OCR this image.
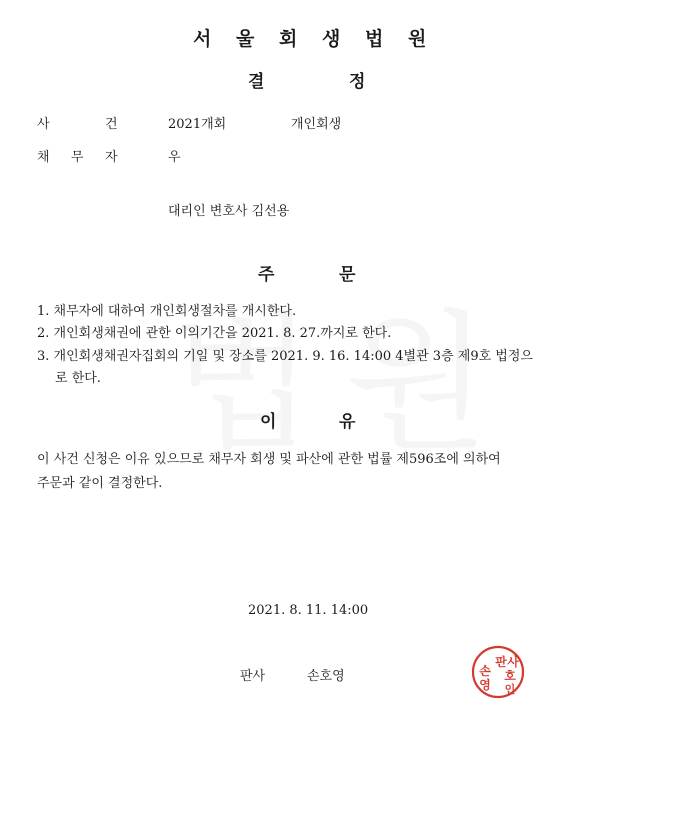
서 울 회 생 법 원
결	정
사	건	2021개회	개인회생
채 무 자	우
대리인 변호사 김선용
주	문
1. 채무자에 대하여 개인회생절차를 개시한다.
2. 개인회생채권에 관한 이의기간을 2021. 8. 27.까지로 한다.
3. 개인회생채권자집회의 기일 및 장소를 2021. 9. 16. 14:00 4별관 3층 제9호 법정으
로 한다.
이	유
이 사건 신청은 이유 있으므로 채무자 회생 및 파산에 관한 법률 제596조에 의하여
주문과 같이 결정한다.
2021. 8. 11. 14:00
판사	손호영
판 사
손 호
영 인
